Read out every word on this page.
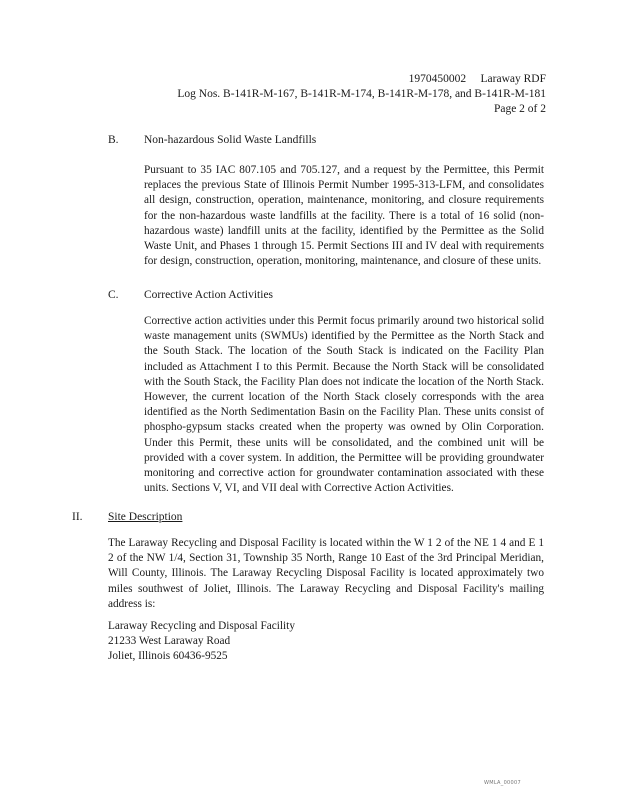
1970450002     Laraway RDF
Log Nos. B-141R-M-167, B-141R-M-174, B-141R-M-178, and B-141R-M-181
Page 2 of 2
B. Non-hazardous Solid Waste Landfills
Pursuant to 35 IAC 807.105 and 705.127, and a request by the Permittee, this Permit replaces the previous State of Illinois Permit Number 1995-313-LFM, and consolidates all design, construction, operation, maintenance, monitoring, and closure requirements for the non-hazardous waste landfills at the facility. There is a total of 16 solid (non-hazardous waste) landfill units at the facility, identified by the Permittee as the Solid Waste Unit, and Phases 1 through 15. Permit Sections III and IV deal with requirements for design, construction, operation, monitoring, maintenance, and closure of these units.
C. Corrective Action Activities
Corrective action activities under this Permit focus primarily around two historical solid waste management units (SWMUs) identified by the Permittee as the North Stack and the South Stack. The location of the South Stack is indicated on the Facility Plan included as Attachment I to this Permit. Because the North Stack will be consolidated with the South Stack, the Facility Plan does not indicate the location of the North Stack. However, the current location of the North Stack closely corresponds with the area identified as the North Sedimentation Basin on the Facility Plan. These units consist of phospho-gypsum stacks created when the property was owned by Olin Corporation. Under this Permit, these units will be consolidated, and the combined unit will be provided with a cover system. In addition, the Permittee will be providing groundwater monitoring and corrective action for groundwater contamination associated with these units. Sections V, VI, and VII deal with Corrective Action Activities.
II. Site Description
The Laraway Recycling and Disposal Facility is located within the W 1 2 of the NE 1 4 and E 1 2 of the NW 1/4, Section 31, Township 35 North, Range 10 East of the 3rd Principal Meridian, Will County, Illinois. The Laraway Recycling Disposal Facility is located approximately two miles southwest of Joliet, Illinois. The Laraway Recycling and Disposal Facility's mailing address is:
Laraway Recycling and Disposal Facility
21233 West Laraway Road
Joliet, Illinois 60436-9525
WMLA_00007
